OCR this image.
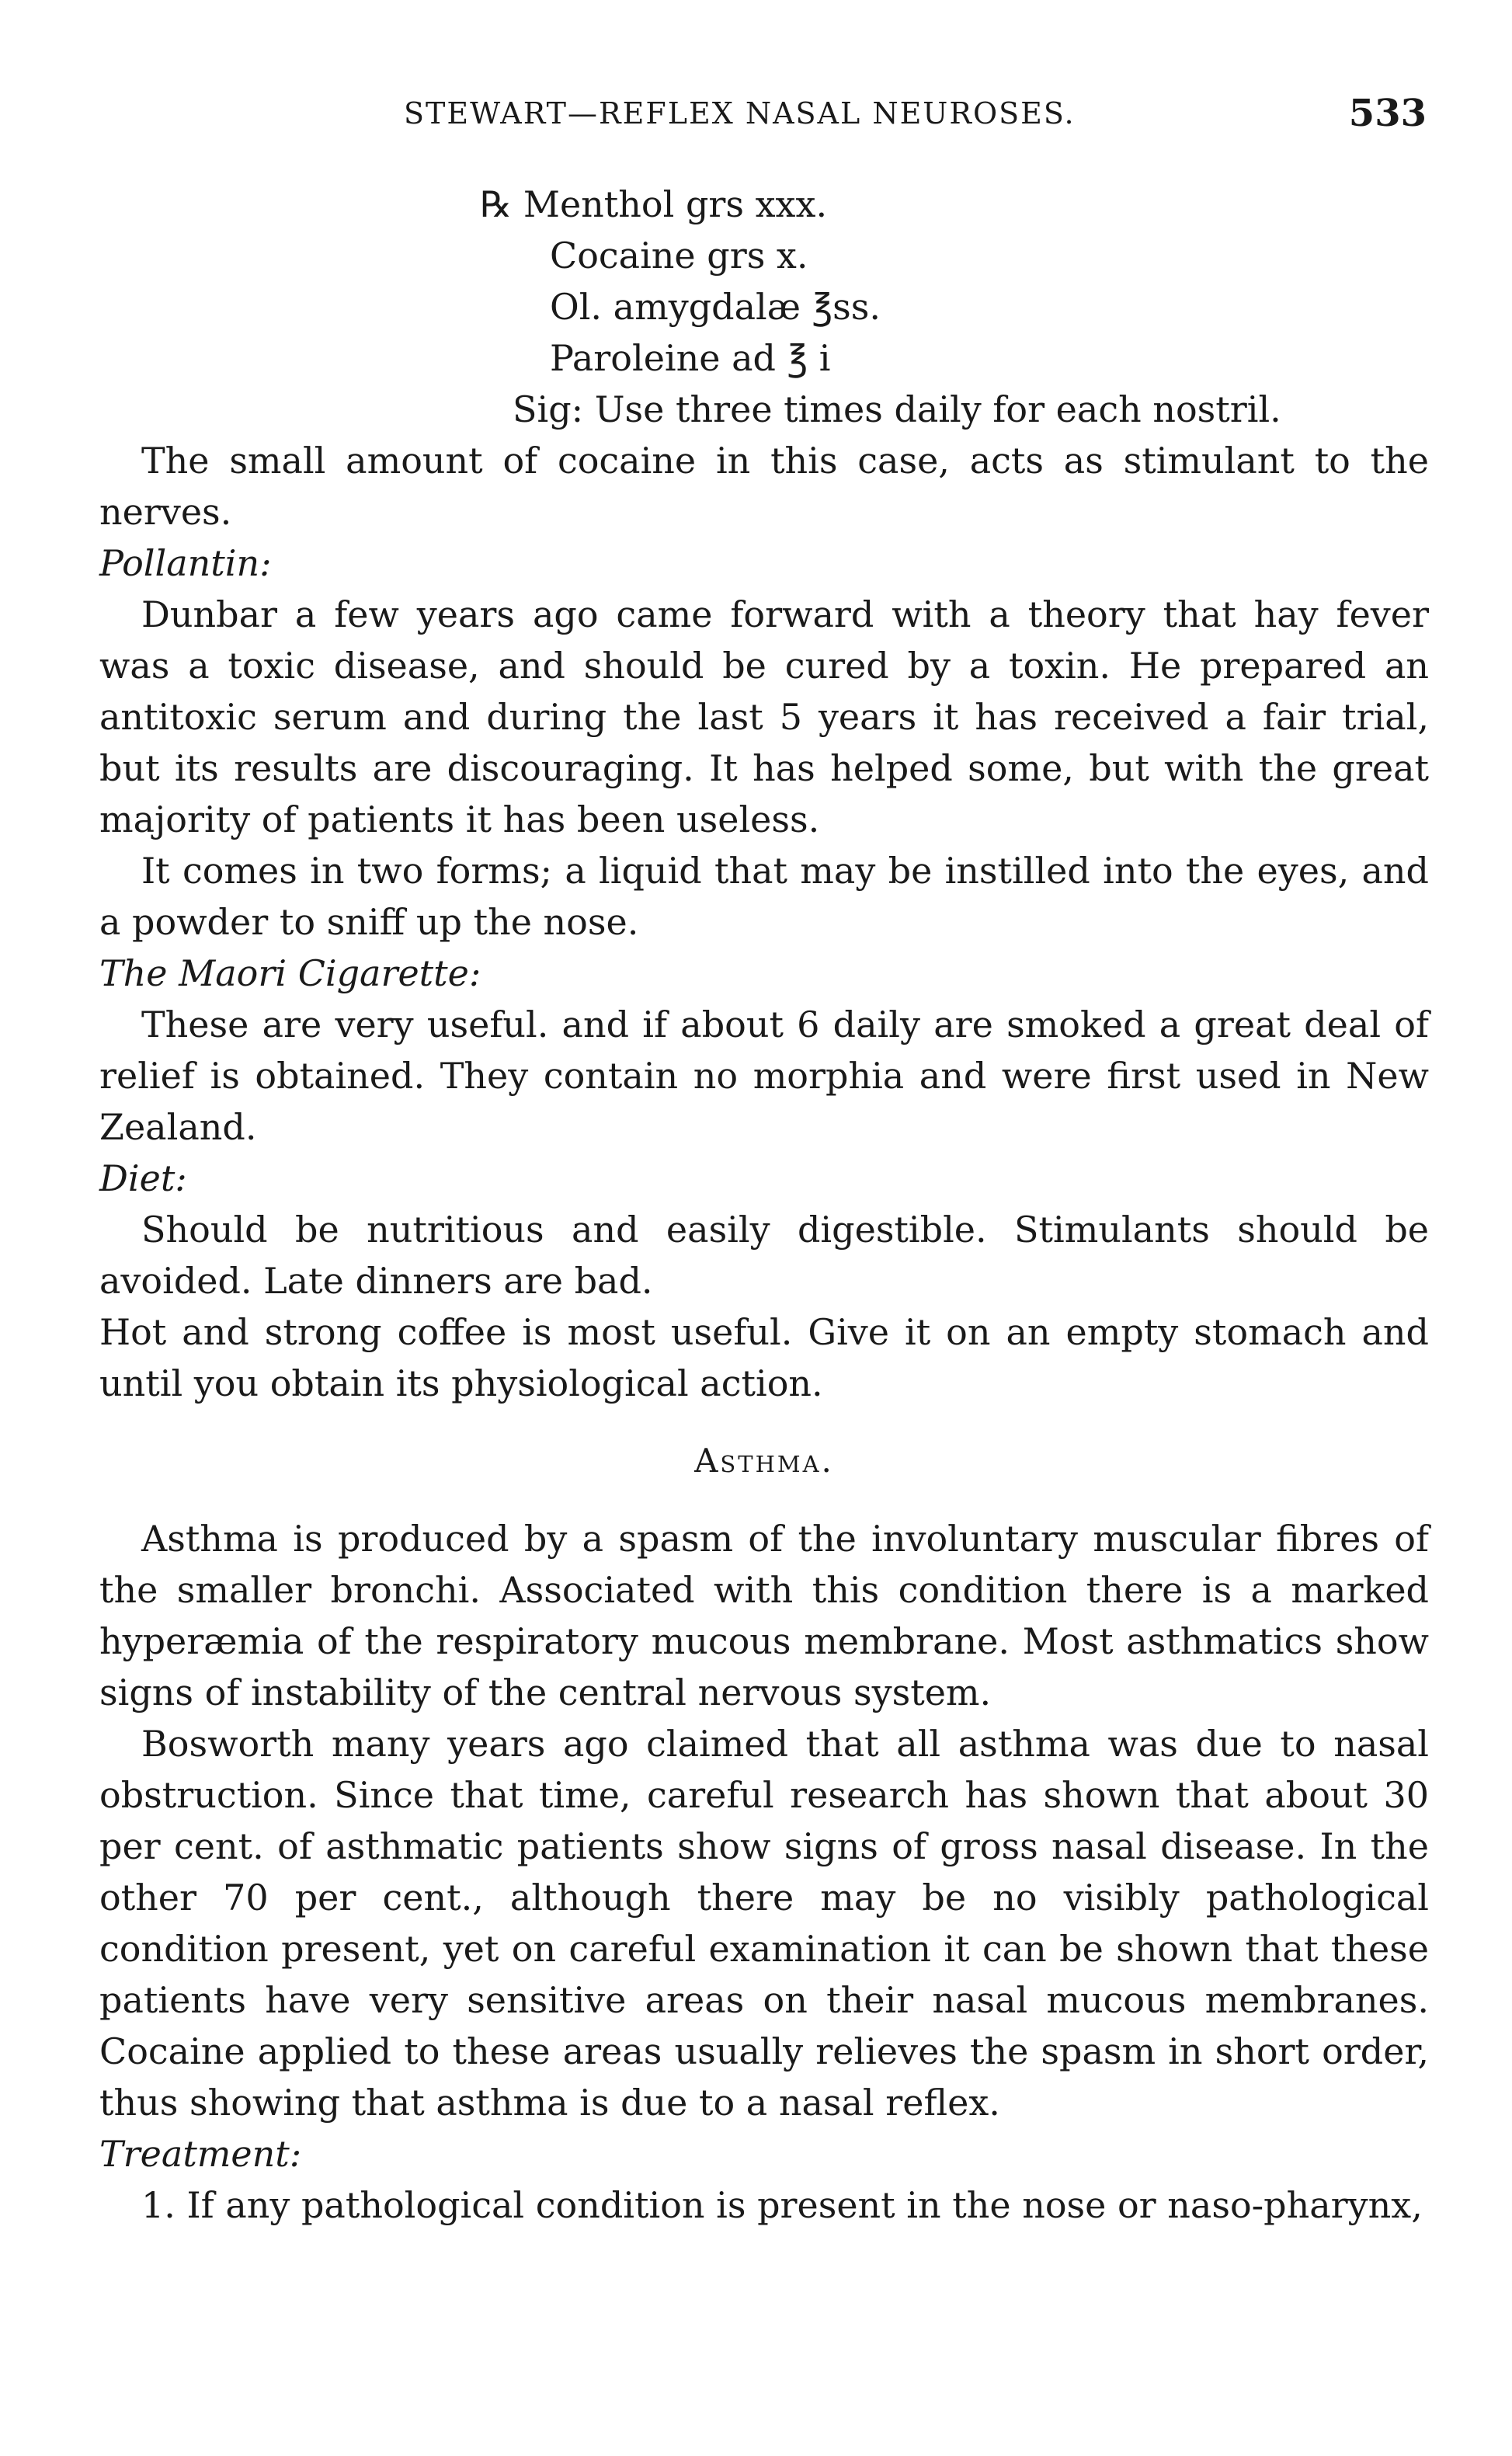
STEWART—REFLEX NASAL NEUROSES.	533
℞ Menthol grs xxx.
Cocaine grs x.
Ol. amygdalæ ℥ss.
Paroleine ad ℥ i
Sig: Use three times daily for each nostril.

The small amount of cocaine in this case, acts as stimulant to the nerves.

Pollantin:

Dunbar a few years ago came forward with a theory that hay fever was a toxic disease, and should be cured by a toxin. He prepared an antitoxic serum and during the last 5 years it has received a fair trial, but its results are discouraging. It has helped some, but with the great majority of patients it has been useless.

It comes in two forms; a liquid that may be instilled into the eyes, and a powder to sniff up the nose.

The Maori Cigarette:

These are very useful. and if about 6 daily are smoked a great deal of relief is obtained. They contain no morphia and were first used in New Zealand.

Diet:

Should be nutritious and easily digestible. Stimulants should be avoided. Late dinners are bad.

Hot and strong coffee is most useful. Give it on an empty stomach and until you obtain its physiological action.

Asthma.

Asthma is produced by a spasm of the involuntary muscular fibres of the smaller bronchi. Associated with this condition there is a marked hyperæmia of the respiratory mucous membrane. Most asthmatics show signs of instability of the central nervous system.

Bosworth many years ago claimed that all asthma was due to nasal obstruction. Since that time, careful research has shown that about 30 per cent. of asthmatic patients show signs of gross nasal disease. In the other 70 per cent., although there may be no visibly pathological condition present, yet on careful examination it can be shown that these patients have very sensitive areas on their nasal mucous membranes. Cocaine applied to these areas usually relieves the spasm in short order, thus showing that asthma is due to a nasal reflex.

Treatment:

1. If any pathological condition is present in the nose or naso-pharynx,
